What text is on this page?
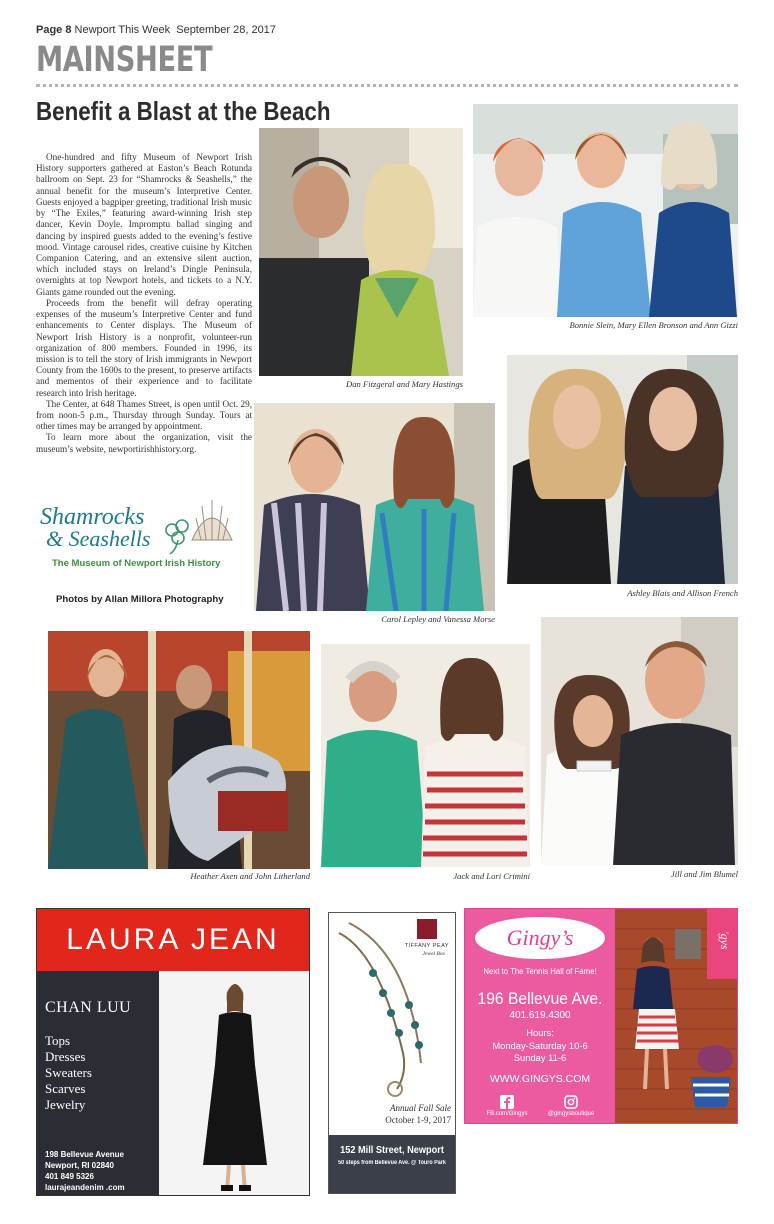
Page 8 Newport This Week September 28, 2017
MAINSHEET
Benefit a Blast at the Beach

One-hundred and fifty Museum of Newport Irish History supporters gathered at Easton’s Beach Rotunda ballroom on Sept. 23 for “Shamrocks & Seashells,” the annual benefit for the museum’s Interpretive Center. Guests enjoyed a bagpiper greeting, traditional Irish music by “The Exiles,” featuring award-winning Irish step dancer, Kevin Doyle. Impromptu ballad singing and dancing by inspired guests added to the evening’s festive mood. Vintage carousel rides, creative cuisine by Kitchen Companion Catering, and an extensive silent auction, which included stays on Ireland’s Dingle Peninsula, overnights at top Newport hotels, and tickets to a N.Y. Giants game rounded out the evening.

Proceeds from the benefit will defray operating expenses of the museum’s Interpretive Center and fund enhancements to Center displays. The Museum of Newport Irish History is a nonprofit, volunteer-run organization of 800 members. Founded in 1996, its mission is to tell the story of Irish immigrants in Newport County from the 1600s to the present, to preserve artifacts and mementos of their experience and to facilitate research into Irish heritage.

The Center, at 648 Thames Street, is open until Oct. 29, from noon-5 p.m., Thursday through Sunday. Tours at other times may be arranged by appointment.

To learn more about the organization, visit the museum’s website, newportirishhistory.org.

Shamrocks
& Seashells
The Museum of Newport Irish History
Photos by Allan Millora Photography
Dan Fitzgeral and Mary Hastings
Bonnie Slein, Mary Ellen Bronson and Ann Gizzi
Ashley Blais and Allison French
Carol Lepley and Vanessa Morse
Heather Axen and John Litherland	Jack and Lori Crimini	Jill and Jim Blumel
LAURA JEAN
CHAN LUU
Tops
Dresses
Sweaters
Scarves
Jewelry
198 Bellevue Avenue
Newport, RI 02840
401 849 5326
laurajeandenim .com
TIFFANY PEAY
Jewel Box
Annual Fall Sale
October 1-9, 2017
152 Mill Street, Newport
50 steps from Bellevue Ave. @ Touro Park
Gingy’s
Next to The Tennis Hall of Fame!
196 Bellevue Ave.
401.619.4300
Hours:
Monday-Saturday 10-6
Sunday 11-6
WWW.GINGYS.COM
FB.com/Gingys	@gingysboutique
'gys
